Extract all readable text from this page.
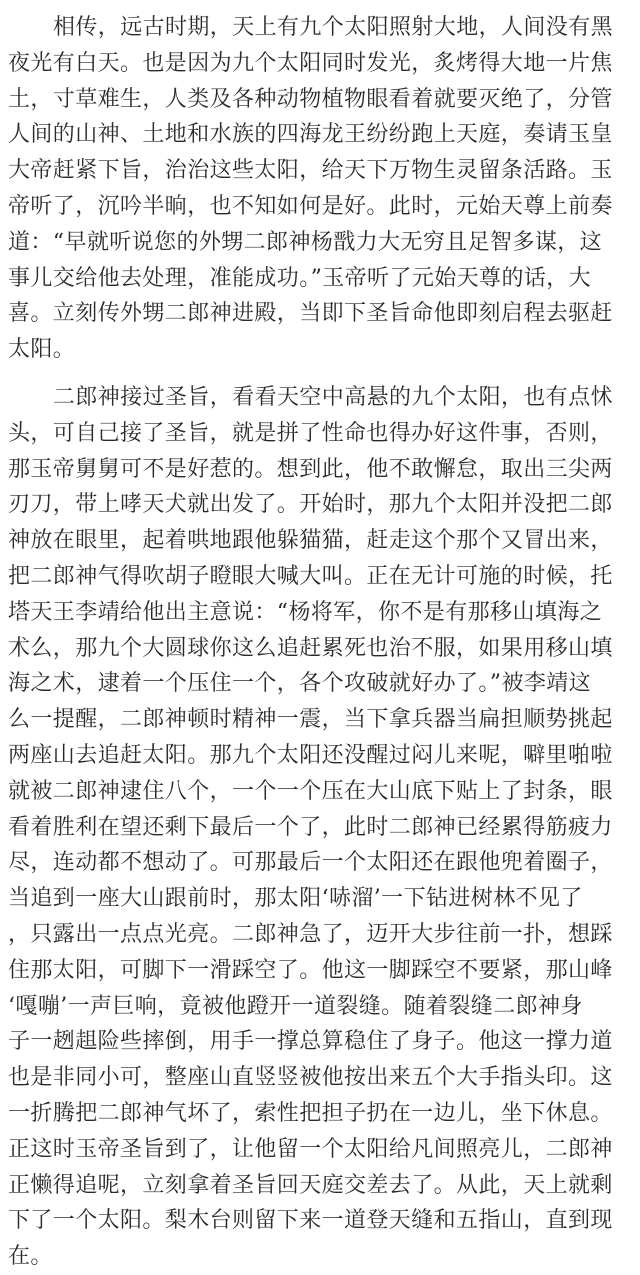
相传，远古时期，天上有九个太阳照射大地，人间没有黑
夜光有白天。也是因为九个太阳同时发光，炙烤得大地一片焦
土，寸草难生，人类及各种动物植物眼看着就要灭绝了，分管
人间的山神、土地和水族的四海龙王纷纷跑上天庭，奏请玉皇
大帝赶紧下旨，治治这些太阳，给天下万物生灵留条活路。玉
帝听了，沉吟半晌，也不知如何是好。此时，元始天尊上前奏
道：“早就听说您的外甥二郎神杨戬力大无穷且足智多谋，这
事儿交给他去处理，准能成功。”玉帝听了元始天尊的话，大
喜。立刻传外甥二郎神进殿，当即下圣旨命他即刻启程去驱赶
太阳。
二郎神接过圣旨，看看天空中高悬的九个太阳，也有点怵
头，可自己接了圣旨，就是拼了性命也得办好这件事，否则，
那玉帝舅舅可不是好惹的。想到此，他不敢懈怠，取出三尖两
刃刀，带上哮天犬就出发了。开始时，那九个太阳并没把二郎
神放在眼里，起着哄地跟他躲猫猫，赶走这个那个又冒出来，
把二郎神气得吹胡子瞪眼大喊大叫。正在无计可施的时候，托
塔天王李靖给他出主意说：“杨将军，你不是有那移山填海之
术么，那九个大圆球你这么追赶累死也治不服，如果用移山填
海之术，逮着一个压住一个，各个攻破就好办了。”被李靖这
么一提醒，二郎神顿时精神一震，当下拿兵器当扁担顺势挑起
两座山去追赶太阳。那九个太阳还没醒过闷儿来呢，噼里啪啦
就被二郎神逮住八个，一个一个压在大山底下贴上了封条，眼
看着胜利在望还剩下最后一个了，此时二郎神已经累得筋疲力
尽，连动都不想动了。可那最后一个太阳还在跟他兜着圈子，
当追到一座大山跟前时，那太阳‘哧溜’一下钻进树林不见了
，只露出一点点光亮。二郎神急了，迈开大步往前一扑，想踩
住那太阳，可脚下一滑踩空了。他这一脚踩空不要紧，那山峰
‘嘎嘣’一声巨响，竟被他蹬开一道裂缝。随着裂缝二郎神身
子一趔趄险些摔倒，用手一撑总算稳住了身子。他这一撑力道
也是非同小可，整座山直竖竖被他按出来五个大手指头印。这
一折腾把二郎神气坏了，索性把担子扔在一边儿，坐下休息。
正这时玉帝圣旨到了，让他留一个太阳给凡间照亮儿，二郎神
正懒得追呢，立刻拿着圣旨回天庭交差去了。从此，天上就剩
下了一个太阳。梨木台则留下来一道登天缝和五指山，直到现
在。
